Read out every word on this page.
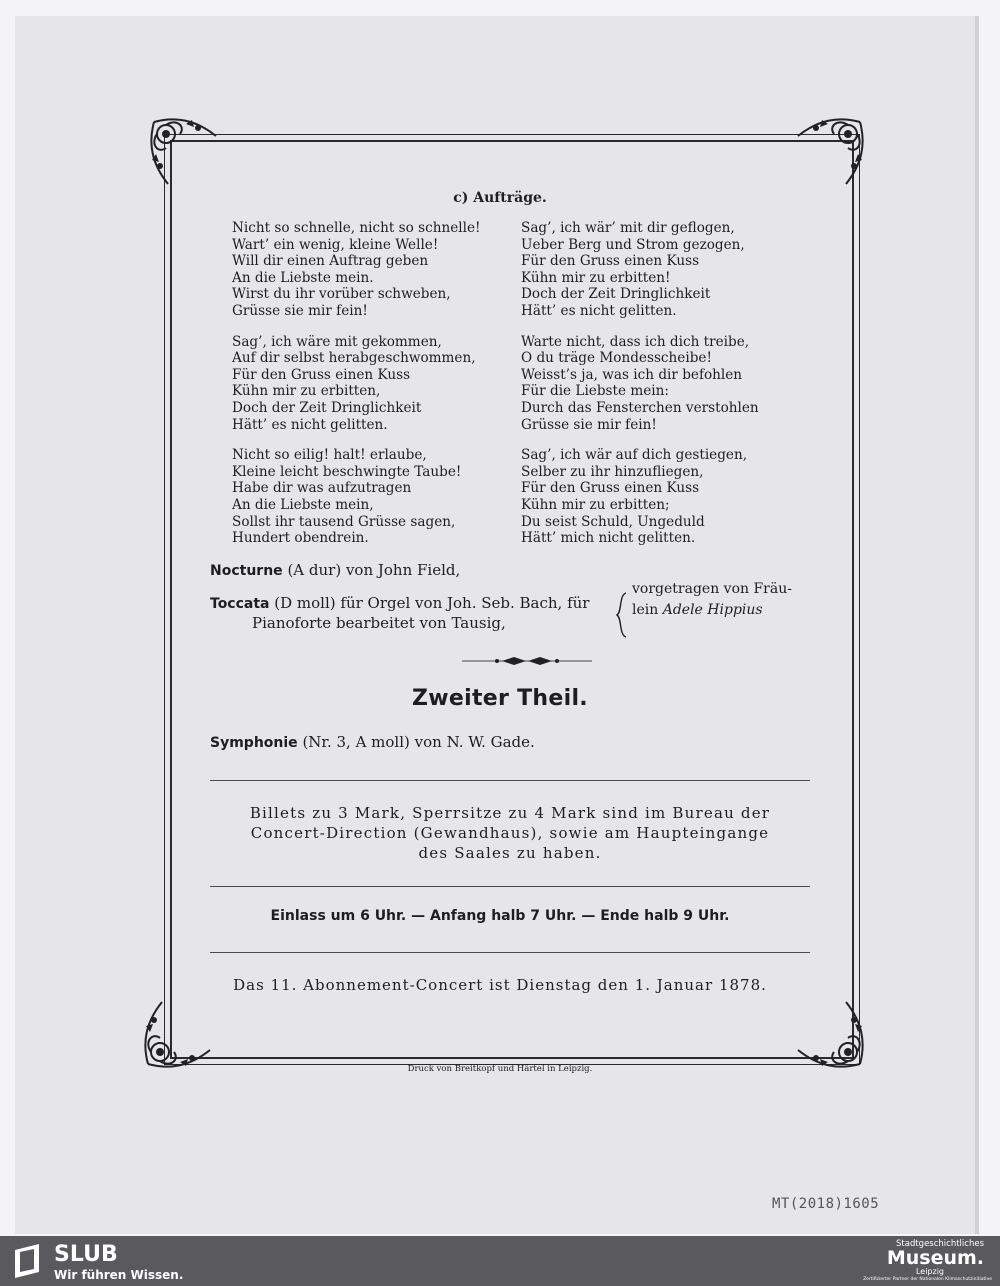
c) Aufträge.
Nicht so schnelle, nicht so schnelle!
Wart’ ein wenig, kleine Welle!
Will dir einen Auftrag geben
An die Liebste mein.
Wirst du ihr vorüber schweben,
Grüsse sie mir fein!
Sag’, ich wäre mit gekommen,
Auf dir selbst herabgeschwommen,
Für den Gruss einen Kuss
Kühn mir zu erbitten,
Doch der Zeit Dringlichkeit
Hätt’ es nicht gelitten.
Nicht so eilig! halt! erlaube,
Kleine leicht beschwingte Taube!
Habe dir was aufzutragen
An die Liebste mein,
Sollst ihr tausend Grüsse sagen,
Hundert obendrein.
Sag’, ich wär’ mit dir geflogen,
Ueber Berg und Strom gezogen,
Für den Gruss einen Kuss
Kühn mir zu erbitten!
Doch der Zeit Dringlichkeit
Hätt’ es nicht gelitten.
Warte nicht, dass ich dich treibe,
O du träge Mondesscheibe!
Weisst’s ja, was ich dir befohlen
Für die Liebste mein:
Durch das Fensterchen verstohlen
Grüsse sie mir fein!
Sag’, ich wär auf dich gestiegen,
Selber zu ihr hinzufliegen,
Für den Gruss einen Kuss
Kühn mir zu erbitten;
Du seist Schuld, Ungeduld
Hätt’ mich nicht gelitten.
Nocturne (A dur) von John Field,
Toccata (D moll) für Orgel von Joh. Seb. Bach, für
Pianoforte bearbeitet von Tausig,
vorgetragen von Fräu-
lein Adele Hippius
Zweiter Theil.
Symphonie (Nr. 3, A moll) von N. W. Gade.
Billets zu 3 Mark, Sperrsitze zu 4 Mark sind im Bureau der
Concert-Direction (Gewandhaus), sowie am Haupteingange
des Saales zu haben.
Einlass um 6 Uhr. — Anfang halb 7 Uhr. — Ende halb 9 Uhr.
Das 11. Abonnement-Concert ist Dienstag den 1. Januar 1878.
Druck von Breitkopf und Härtel in Leipzig.
MT(2018)1605
SLUB
Wir führen Wissen.
Stadtgeschichtliches
Museum.
Leipzig
Zertifizierter Partner der Nationalen Klimaschutzinitiative
